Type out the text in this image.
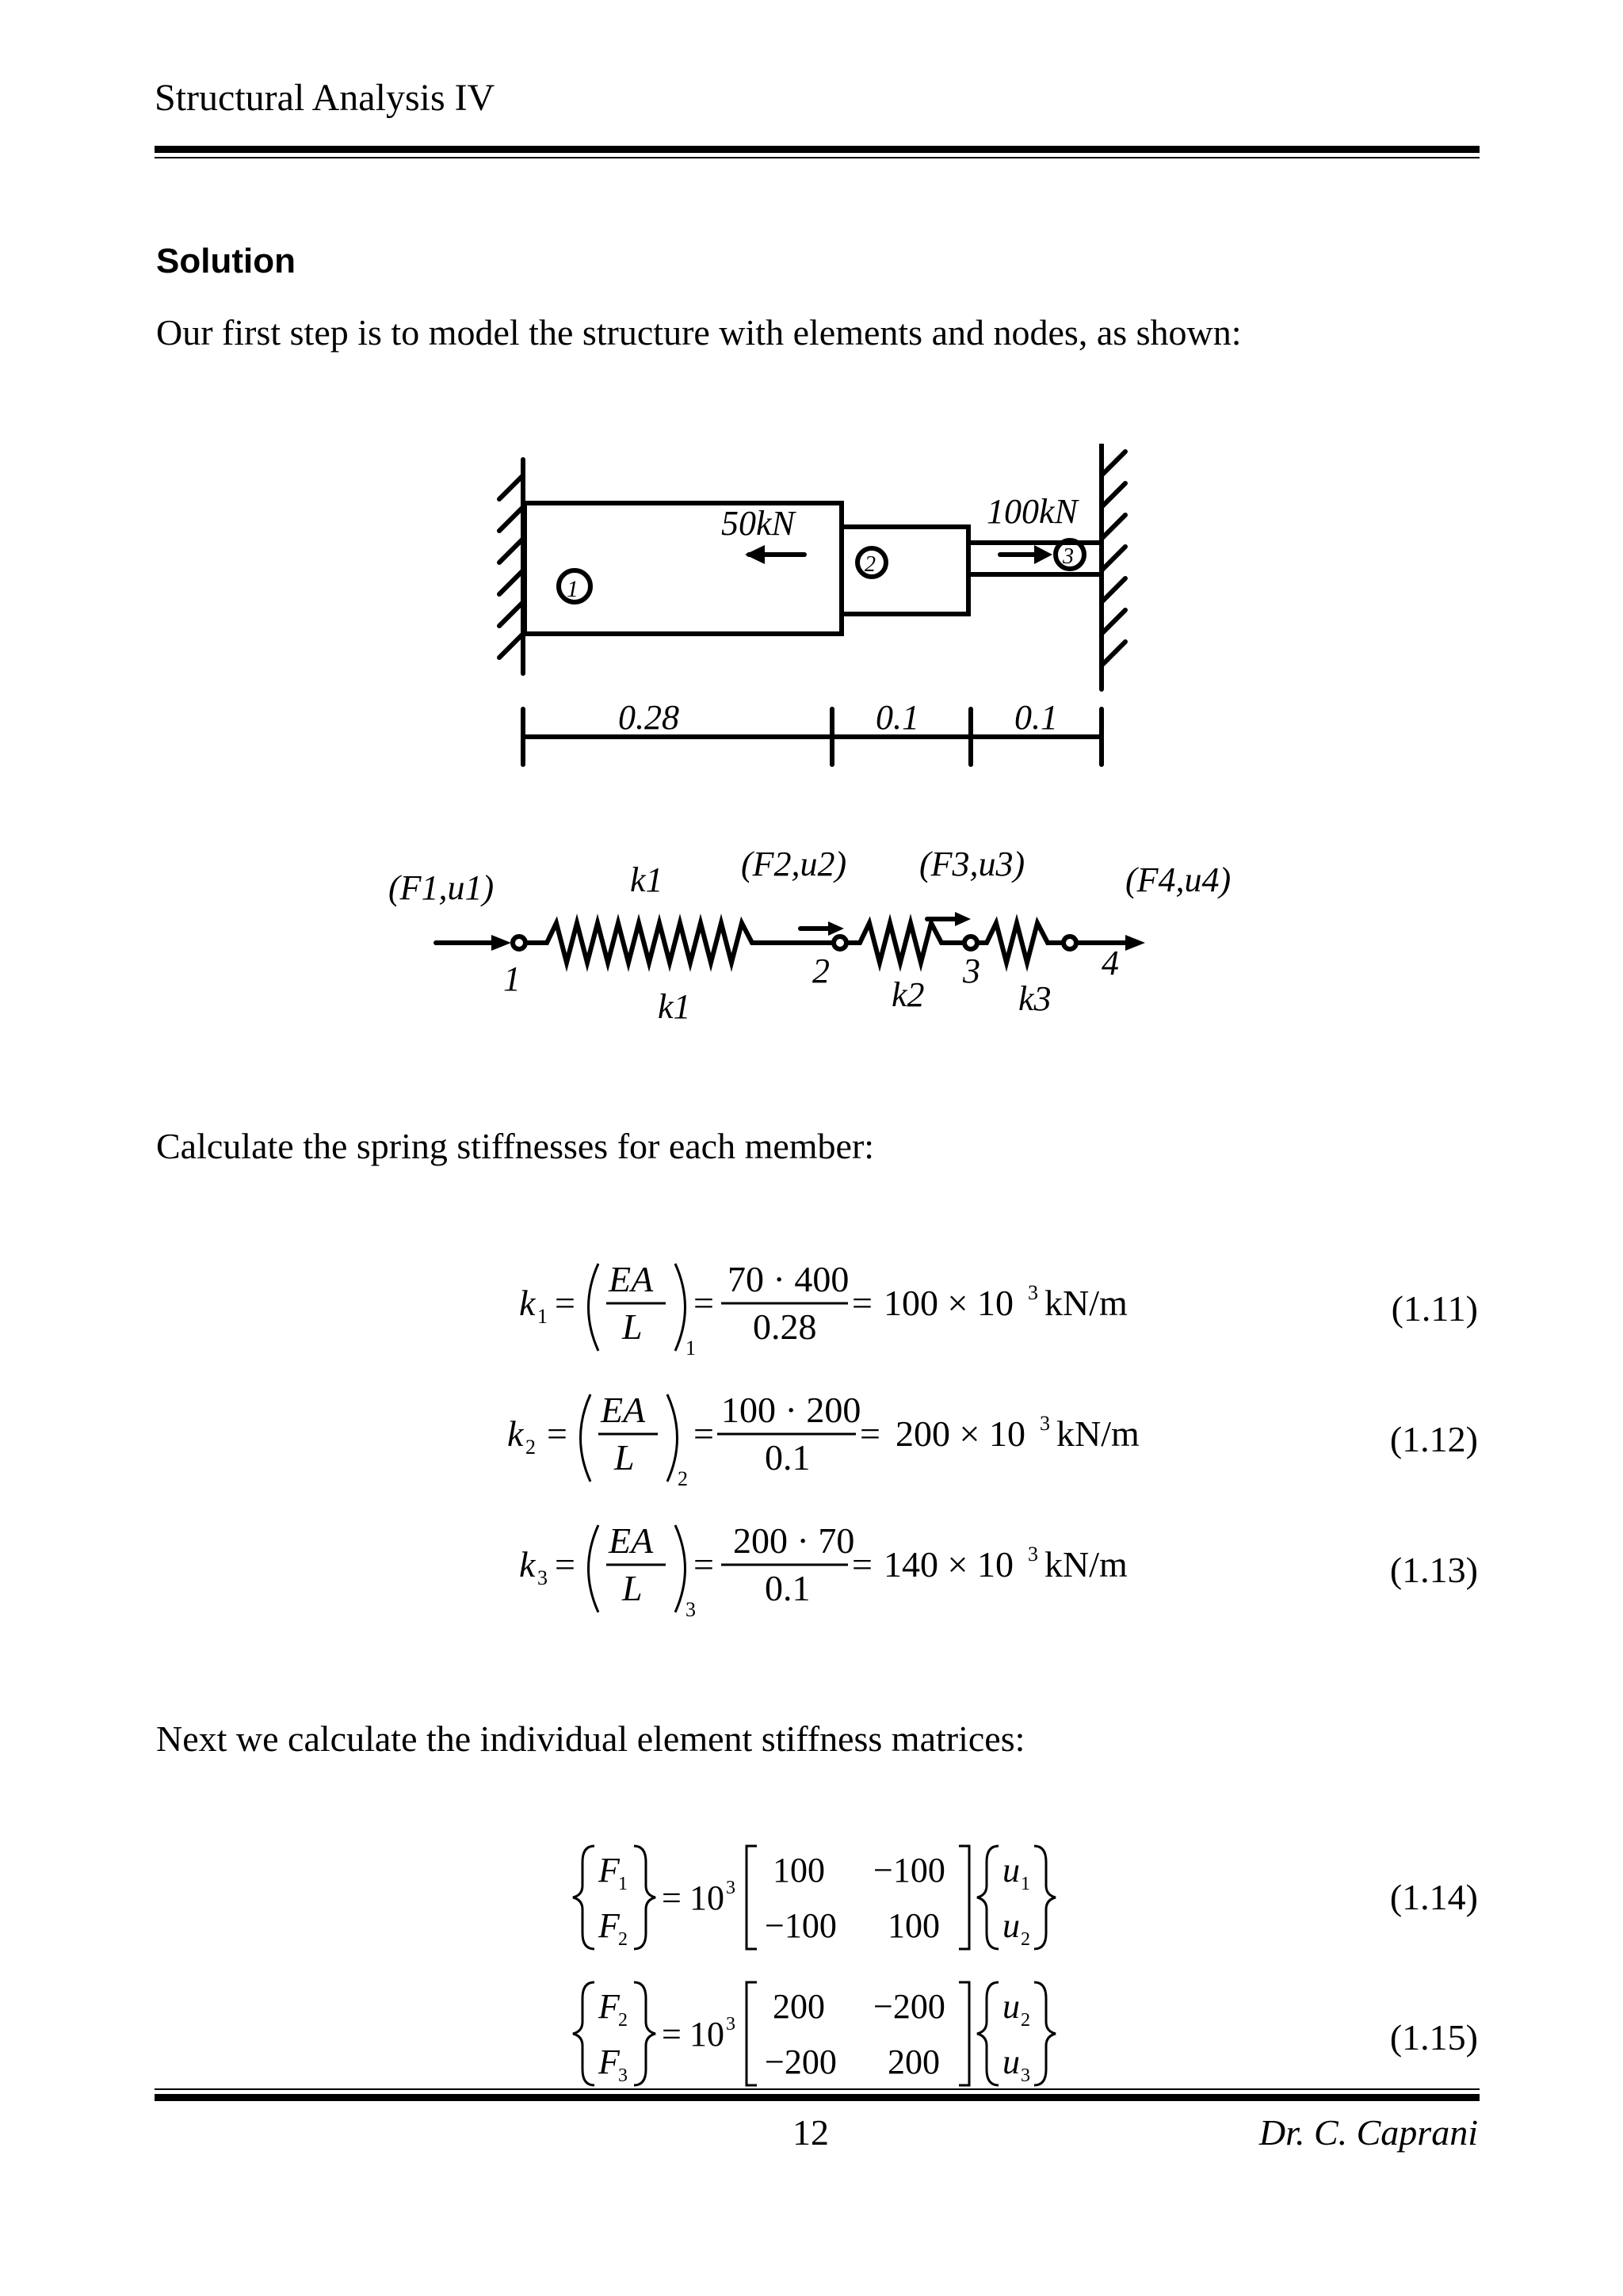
Structural Analysis IV
Solution
Our first step is to model the structure with elements and nodes, as shown:
50kN	100kN
1
2	3
0.28	0.1	0.1
(F1,u1)
(F2,u2) (F3,u3)	(F4,u4)
k1
1	2	3	4
k1	k2	k3
Calculate the spring stiffnesses for each member:
k 1 =
EA
L
1
=
70 · 400
0.28
= 100 × 10 3 kN/m
k 2 =
EA
L
2
=
100 · 200
0.1
= 200 × 10 3 kN/m
k 3 =
EA
L
3
=
200 · 70
0.1
= 140 × 10 3 kN/m
(1.11)
(1.12)
(1.13)
Next we calculate the individual element stiffness matrices:
F
1
F
2
= 10 3 100 −100
−100 100
u 1
u 2
F
2
F
3
= 10 3 200 −200
−200 200
u 2
u 3
(1.14)
(1.15)
12	Dr. C. Caprani
